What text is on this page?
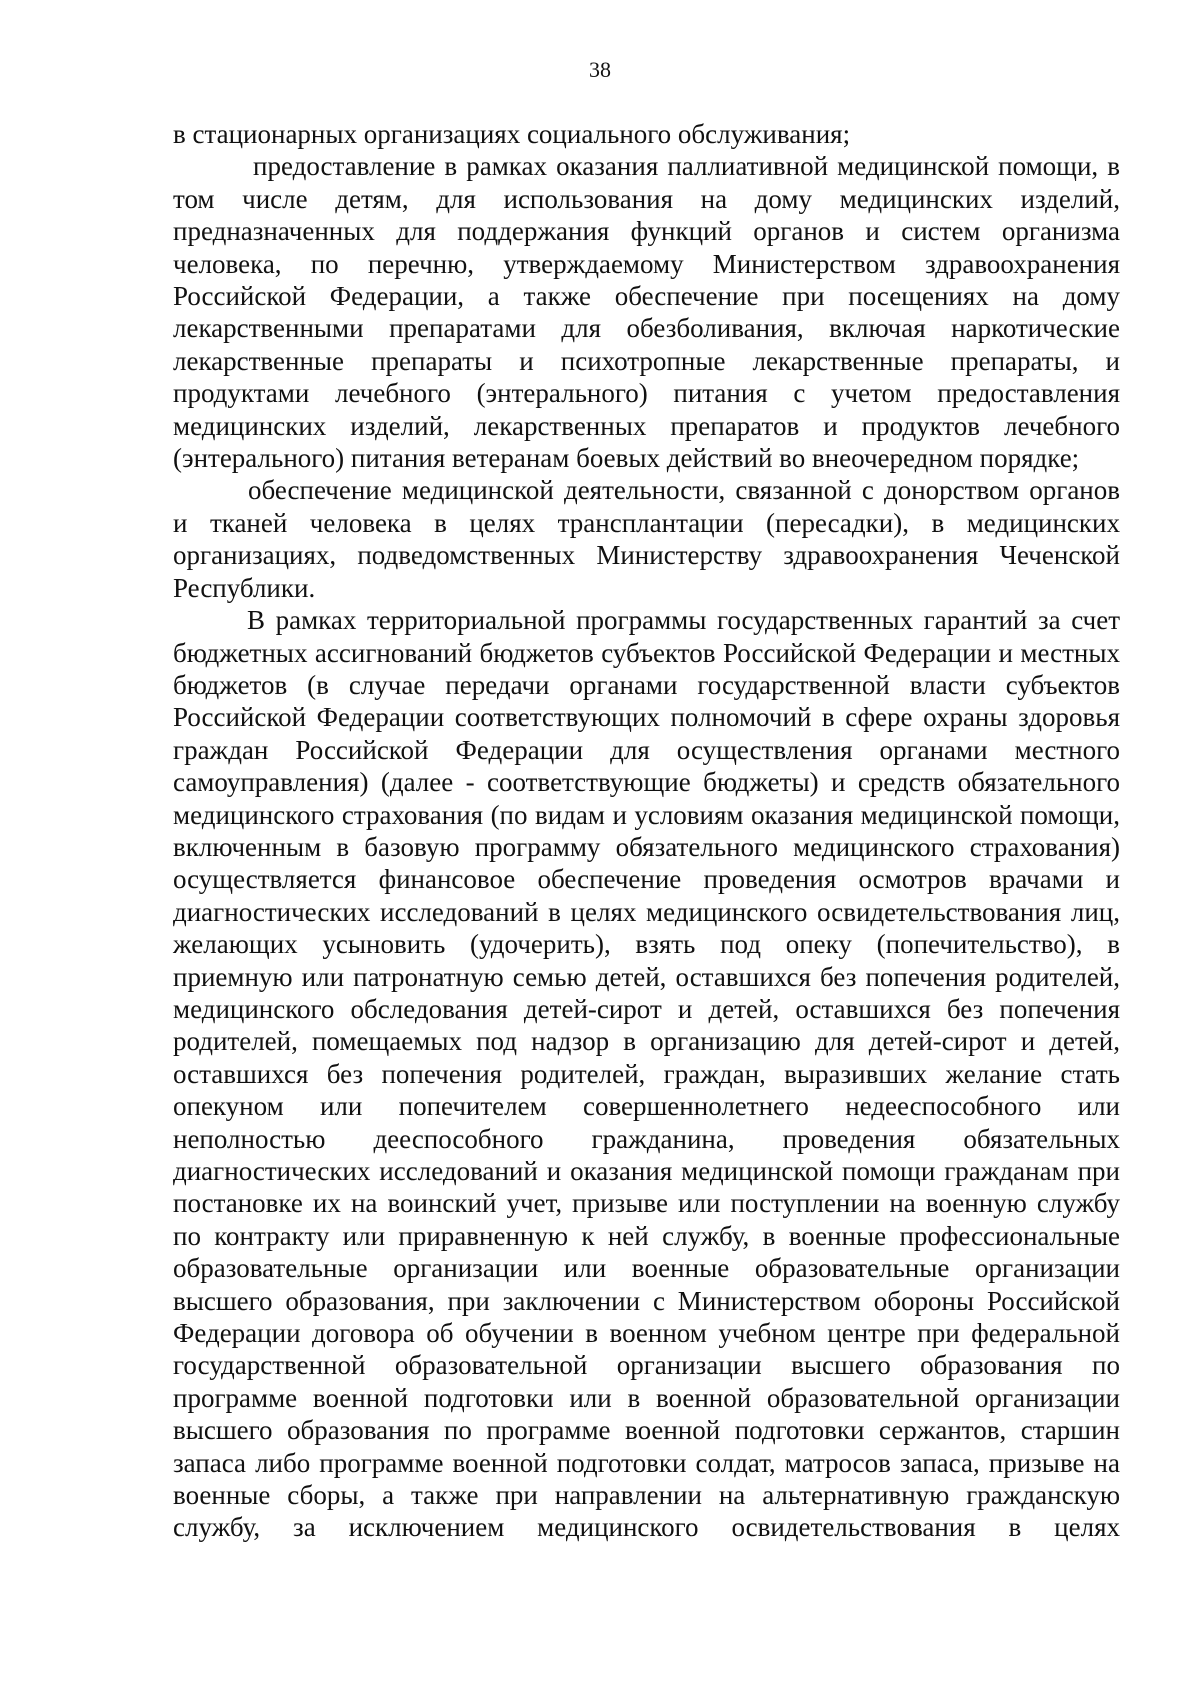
38

в стационарных организациях социального обслуживания;

предоставление в рамках оказания паллиативной медицинской помощи, в том числе детям, для использования на дому медицинских изделий, предназначенных для поддержания функций органов и систем организма человека, по перечню, утверждаемому Министерством здравоохранения Российской Федерации, а также обеспечение при посещениях на дому лекарственными препаратами для обезболивания, включая наркотические лекарственные препараты и психотропные лекарственные препараты, и продуктами лечебного (энтерального) питания с учетом предоставления медицинских изделий, лекарственных препаратов и продуктов лечебного (энтерального) питания ветеранам боевых действий во внеочередном порядке;

обеспечение медицинской деятельности, связанной с донорством органов и тканей человека в целях трансплантации (пересадки), в медицинских организациях, подведомственных Министерству здравоохранения Чеченской Республики.

В рамках территориальной программы государственных гарантий за счет бюджетных ассигнований бюджетов субъектов Российской Федерации и местных бюджетов (в случае передачи органами государственной власти субъектов Российской Федерации соответствующих полномочий в сфере охраны здоровья граждан Российской Федерации для осуществления органами местного самоуправления) (далее - соответствующие бюджеты) и средств обязательного медицинского страхования (по видам и условиям оказания медицинской помощи, включенным в базовую программу обязательного медицинского страхования) осуществляется финансовое обеспечение проведения осмотров врачами и диагностических исследований в целях медицинского освидетельствования лиц, желающих усыновить (удочерить), взять под опеку (попечительство), в приемную или патронатную семью детей, оставшихся без попечения родителей, медицинского обследования детей-сирот и детей, оставшихся без попечения родителей, помещаемых под надзор в организацию для детей-сирот и детей, оставшихся без попечения родителей, граждан, выразивших желание стать опекуном или попечителем совершеннолетнего недееспособного или неполностью дееспособного гражданина, проведения обязательных диагностических исследований и оказания медицинской помощи гражданам при постановке их на воинский учет, призыве или поступлении на военную службу по контракту или приравненную к ней службу, в военные профессиональные образовательные организации или военные образовательные организации высшего образования, при заключении с Министерством обороны Российской Федерации договора об обучении в военном учебном центре при федеральной государственной образовательной организации высшего образования по программе военной подготовки или в военной образовательной организации высшего образования по программе военной подготовки сержантов, старшин запаса либо программе военной подготовки солдат, матросов запаса, призыве на военные сборы, а также при направлении на альтернативную гражданскую службу, за исключением медицинского освидетельствования в целях
